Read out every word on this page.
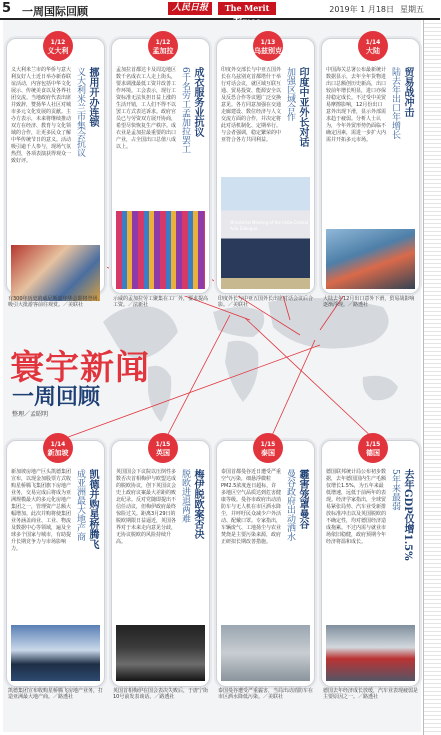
5 一周国际回顾	人民日报	The Merit	2019年 1 月18日 星期五
1/12
义大利
挪用开办连锁
义大利米兰市集会抗议
义大利米兰市的华侨与意大利友好人士近日举办新春联谊活动，内容包括中华文化展示、传统美食以及各界社团交流。当地政府代表出席并致辞，赞扬华人社区对城市多元文化发展的贡献。主办方表示，未来将继续推动双方在经济、教育与文化领域的合作，让更多民众了解中华传统节日的意义。活动吸引逾千人参与，现场气氛热烈，各项表演获得观众一致好评。
有300年历史的威尼斯嘉年华会即将登场，吸引大批游客前往观赏。／美联社
1/12
孟加拉
成衣服务业抗议
6千名劳工孟加拉罢工
孟加拉首都达卡及周边地区数千名成衣工人走上街头，要求调涨最低工资并改善工作环境。工会表示，现行工资标准无法负担日益上涨的生活开销，工人们不得不以罢工方式表达诉求。政府官员已与劳资双方展开协商，希望尽快恢复生产秩序。成衣业是孟加拉最重要的出口产业，占全国出口总值八成以上。
示威的孟加拉劳工聚集在工厂外，要求提高工资。／法新社
1/13
乌兹别克
印度中亚外长对话
加强区域合作
印度外交部长与中亚五国外长在乌兹别克首都塔什干举行对话会议，就区域互联互通、贸易投资、能源安全以及反恐合作等议题广泛交换意见。各方同意加强在交通走廊建设、数位经济与人文交流方面的合作，并决定将此对话机制化、定期举行。与会者强调，稳定繁荣的中亚符合各方共同利益。
印度外长与中亚五国外长出席对话会议后合影。／美联社
1/14
大陆
贸易战冲击
陆去年出口年增长
中国海关总署公布最新统计数据显示，去年全年货物进出口总额创历史新高，出口较前年增长明显，进口亦保持稳定成长。不过受中美贸易摩擦影响，12月份出口意外出现下滑，显示外部需求趋于疲弱。分析人士认为，今年外贸形势仍面临不确定因素，需进一步扩大内需并开拓多元市场。
大陆去年12月出口意外下滑，贸易战影响逐渐浮现。／路透社
寰宇新闻
一周回顾
整理／孟昭明
1/14
新加坡
凯德并购星桥腾飞
成亚洲最大地产商
新加坡房地产巨头凯德集团宣布，以现金加股票方式收购星桥腾飞集团旗下房地产业务，交易完成后将成为亚洲规模最大的多元化房地产集团之一，管理资产总额大幅增加。此次并购将使集团业务涵盖商业、工业、物流及数据中心等领域，遍及全球多个国家与城市，有助提升长期竞争力与市场影响力。
凯德集团宣布收购星桥腾飞房地产业务，打造亚洲最大地产商。／路透社
1/15
英国
梅伊脱欧案否决
脱欧进退两难
英国国会下议院以压倒性多数否决首相梅伊与欧盟达成的脱欧协议，创下英国议会史上政府议案最大差距的败北纪录。反对党随即提出不信任动议，但梅伊政府最终惊险过关。距离3月29日的脱欧期限日益逼近，英国各界对于未来走向意见分歧，无协议脱欧的风险持续升高。
英国首相梅伊在国会表决失败后，于唐宁街10号前发表谈话。／路透社
1/15
泰国
霾害笼罩曼谷
曼谷政府出动洒水
泰国首都曼谷近日遭受严重空气污染，细悬浮微粒PM2.5浓度连日超标，许多地区空气品质达到危害健康等级。曼谷市政府出动消防车与无人机在市区洒水降尘，并呼吁民众减少户外活动、配戴口罩。专家指出，车辆废气、工地扬尘与农业焚烧是主要污染来源，政府正研拟长期改善措施。
泰国曼谷遭受严重霾害，当局出动消防车在市区洒水降低污染。／美联社
1/15
德国
去年GDP仅增1.5%
5年来最弱
德国联邦统计局公布初步数据，去年德国国内生产毛额仅增长1.5%，为五年来最低增速，远低于前两年的表现。经济学家指出，全球贸易紧张局势、汽车业受新排放标准冲击以及英国脱欧的不确定性，均对德国经济造成拖累。不过内需与就业市场依旧稳健，政府预期今年经济将温和成长。
德国去年经济成长放缓，汽车业表现疲弱是主要原因之一。／路透社
Ministerial Meeting of the India-Central Asia Dialogue
